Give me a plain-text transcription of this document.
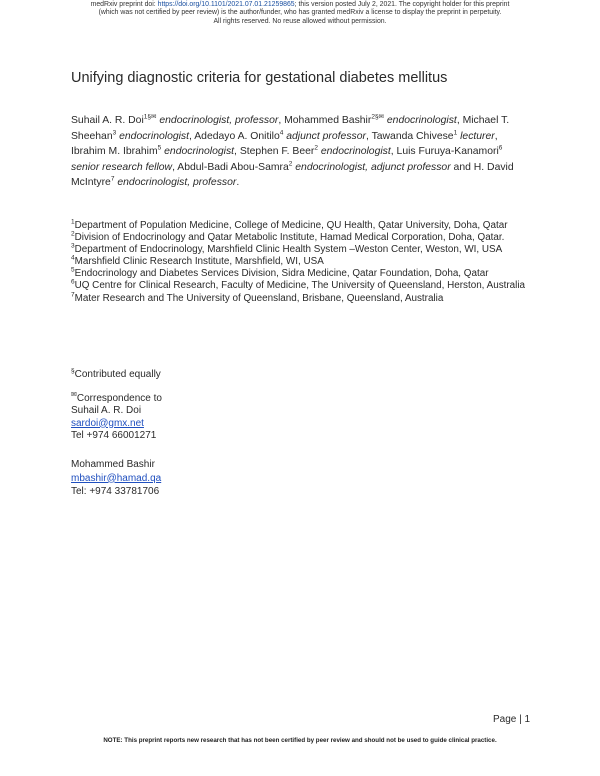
medRxiv preprint doi: https://doi.org/10.1101/2021.07.01.21259865; this version posted July 2, 2021. The copyright holder for this preprint
(which was not certified by peer review) is the author/funder, who has granted medRxiv a license to display the preprint in perpetuity.
All rights reserved. No reuse allowed without permission.
Unifying diagnostic criteria for gestational diabetes mellitus
Suhail A. R. Doi$^{1\S✉}$ endocrinologist, professor, Mohammed Bashir$^{2\S✉}$ endocrinologist, Michael T. Sheehan$^3$ endocrinologist, Adedayo A. Onitilo$^4$ adjunct professor, Tawanda Chivese$^1$ lecturer, Ibrahim M. Ibrahim$^5$ endocrinologist, Stephen F. Beer$^2$ endocrinologist, Luis Furuya-Kanamori$^6$ senior research fellow, Abdul-Badi Abou-Samra$^2$ endocrinologist, adjunct professor and H. David McIntyre$^7$ endocrinologist, professor.
$^1$Department of Population Medicine, College of Medicine, QU Health, Qatar University, Doha, Qatar
$^2$Division of Endocrinology and Qatar Metabolic Institute, Hamad Medical Corporation, Doha, Qatar.
$^3$Department of Endocrinology, Marshfield Clinic Health System –Weston Center, Weston, WI, USA
$^4$Marshfield Clinic Research Institute, Marshfield, WI, USA
$^5$Endocrinology and Diabetes Services Division, Sidra Medicine, Qatar Foundation, Doha, Qatar
$^6$UQ Centre for Clinical Research, Faculty of Medicine, The University of Queensland, Herston, Australia
$^7$Mater Research and The University of Queensland, Brisbane, Queensland, Australia
§Contributed equally
✉Correspondence to
Suhail A. R. Doi
sardoi@gmx.net
Tel +974 66001271
Mohammed Bashir
mbashir@hamad.qa
Tel: +974 33781706
Page | 1
NOTE: This preprint reports new research that has not been certified by peer review and should not be used to guide clinical practice.
